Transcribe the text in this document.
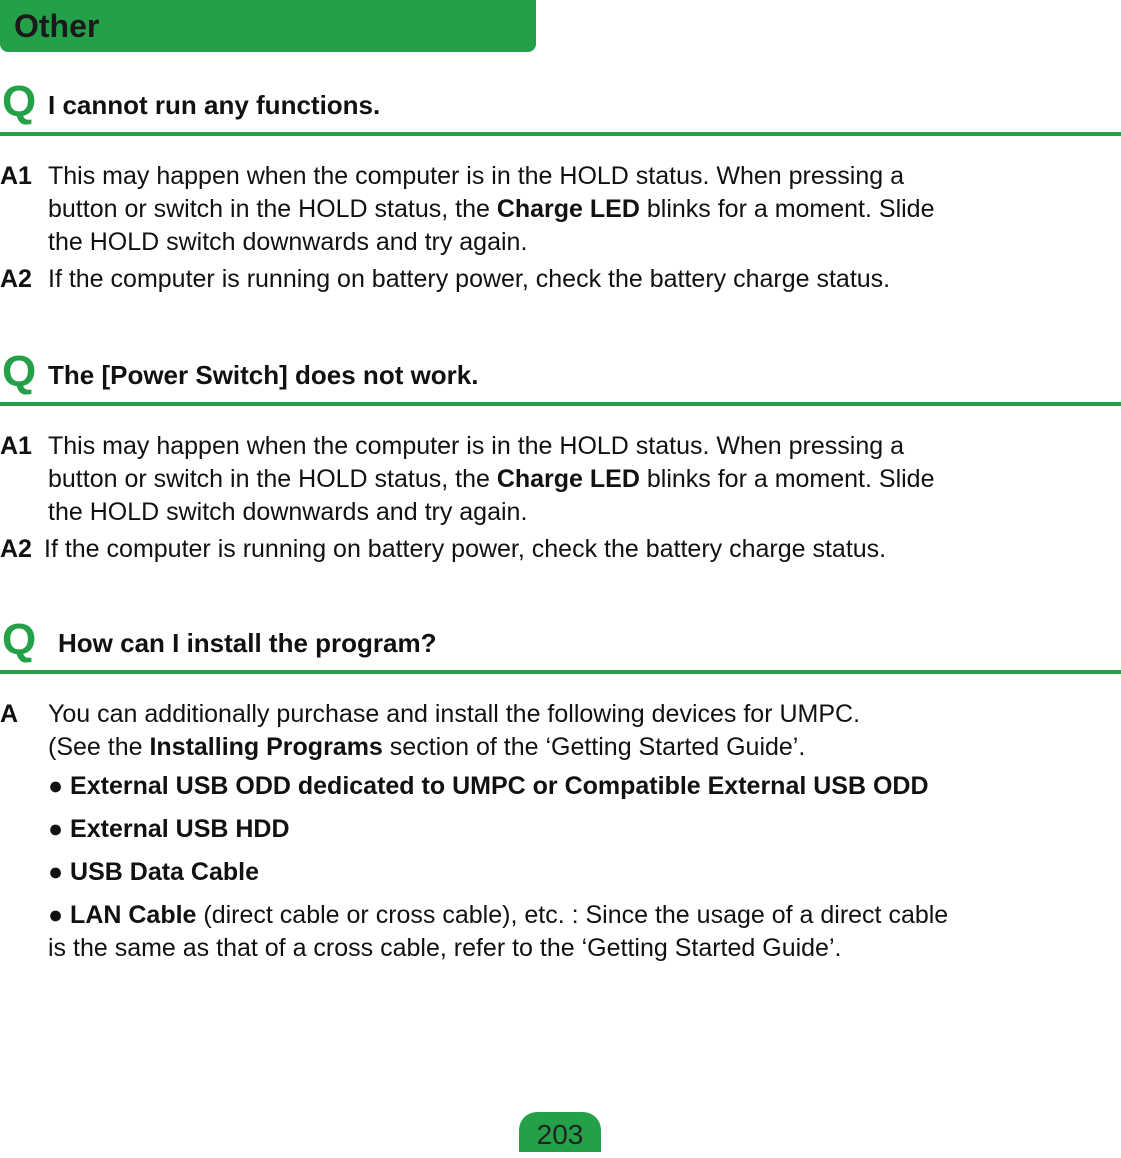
Other
Q I cannot run any functions.
A1 This may happen when the computer is in the HOLD status. When pressing a
button or switch in the HOLD status, the Charge LED blinks for a moment. Slide
the HOLD switch downwards and try again.
A2 If the computer is running on battery power, check the battery charge status.
Q The [Power Switch] does not work.
A1 This may happen when the computer is in the HOLD status. When pressing a
button or switch in the HOLD status, the Charge LED blinks for a moment. Slide
the HOLD switch downwards and try again.
A2 If the computer is running on battery power, check the battery charge status.
Q How can I install the program?
A You can additionally purchase and install the following devices for UMPC.
(See the Installing Programs section of the ‘Getting Started Guide’.
● External USB ODD dedicated to UMPC or Compatible External USB ODD
● External USB HDD
● USB Data Cable
● LAN Cable (direct cable or cross cable), etc. : Since the usage of a direct cable
is the same as that of a cross cable, refer to the ‘Getting Started Guide’.
203
